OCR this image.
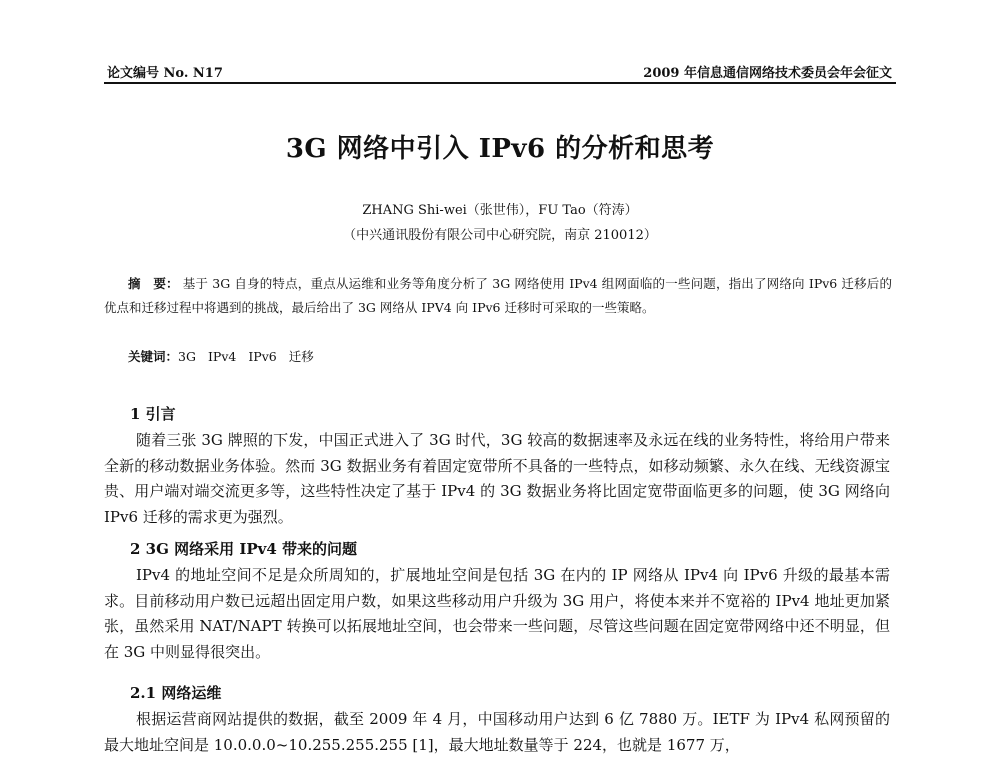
论文编号 No. N17	2009 年信息通信网络技术委员会年会征文
3G 网络中引入 IPv6 的分析和思考
ZHANG Shi-wei（张世伟），FU Tao（符涛）
（中兴通讯股份有限公司中心研究院，南京 210012）
摘　要： 基于 3G 自身的特点，重点从运维和业务等角度分析了 3G 网络使用 IPv4 组网面临的一些问题，指出了网络向 IPv6 迁移后的优点和迁移过程中将遇到的挑战，最后给出了 3G 网络从 IPV4 向 IPv6 迁移时可采取的一些策略。
关键词：3G IPv4 IPv6 迁移
1 引言
随着三张 3G 牌照的下发，中国正式进入了 3G 时代，3G 较高的数据速率及永远在线的业务特性，将给用户带来全新的移动数据业务体验。然而 3G 数据业务有着固定宽带所不具备的一些特点，如移动频繁、永久在线、无线资源宝贵、用户端对端交流更多等，这些特性决定了基于 IPv4 的 3G 数据业务将比固定宽带面临更多的问题，使 3G 网络向 IPv6 迁移的需求更为强烈。
2 3G 网络采用 IPv4 带来的问题
IPv4 的地址空间不足是众所周知的，扩展地址空间是包括 3G 在内的 IP 网络从 IPv4 向 IPv6 升级的最基本需求。目前移动用户数已远超出固定用户数，如果这些移动用户升级为 3G 用户，将使本来并不宽裕的 IPv4 地址更加紧张，虽然采用 NAT/NAPT 转换可以拓展地址空间，也会带来一些问题，尽管这些问题在固定宽带网络中还不明显，但在 3G 中则显得很突出。
2.1 网络运维
根据运营商网站提供的数据，截至 2009 年 4 月，中国移动用户达到 6 亿 7880 万。IETF 为 IPv4 私网预留的最大地址空间是 10.0.0.0~10.255.255.255 [1]，最大地址数量等于 224，也就是 1677 万，
